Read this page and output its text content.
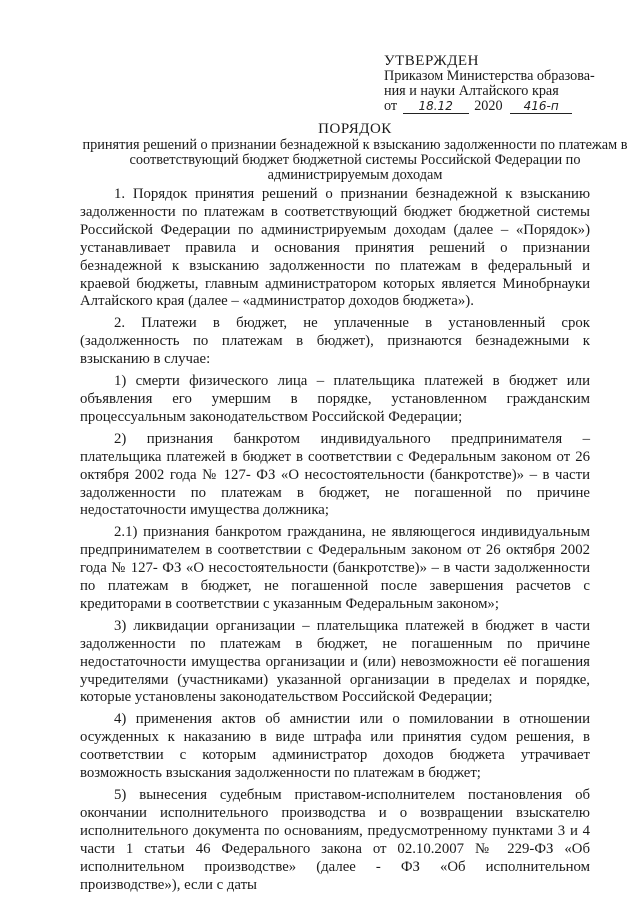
УТВЕРЖДЕН
Приказом Министерства образова-
ния и науки Алтайского края
от 18.12 2020 416-п
ПОРЯДОК
принятия решений о признании безнадежной к взысканию задолженности по платежам в соответствующий бюджет бюджетной системы Российской Федерации по администрируемым доходам

1. Порядок принятия решений о признании безнадежной к взысканию задолженности по платежам в соответствующий бюджет бюджетной системы Российской Федерации по администрируемым доходам (далее – «Порядок») устанавливает правила и основания принятия решений о признании безнадежной к взысканию задолженности по платежам в федеральный и краевой бюджеты, главным администратором которых является Минобрнауки Алтайского края (далее – «администратор доходов бюджета»).

2. Платежи в бюджет, не уплаченные в установленный срок (задолженность по платежам в бюджет), признаются безнадежными к взысканию в случае:

1) смерти физического лица – плательщика платежей в бюджет или объявления его умершим в порядке, установленном гражданским процессуальным законодательством Российской Федерации;

2) признания банкротом индивидуального предпринимателя – плательщика платежей в бюджет в соответствии с Федеральным законом от 26 октября 2002 года № 127- ФЗ «О несостоятельности (банкротстве)» – в части задолженности по платежам в бюджет, не погашенной по причине недостаточности имущества должника;

2.1) признания банкротом гражданина, не являющегося индивидуальным предпринимателем в соответствии с Федеральным законом от 26 октября 2002 года № 127- ФЗ «О несостоятельности (банкротстве)» – в части задолженности по платежам в бюджет, не погашенной после завершения расчетов с кредиторами в соответствии с указанным Федеральным законом»;

3) ликвидации организации – плательщика платежей в бюджет в части задолженности по платежам в бюджет, не погашенным по причине недостаточности имущества организации и (или) невозможности её погашения учредителями (участниками) указанной организации в пределах и порядке, которые установлены законодательством Российской Федерации;

4) применения актов об амнистии или о помиловании в отношении осужденных к наказанию в виде штрафа или принятия судом решения, в соответствии с которым администратор доходов бюджета утрачивает возможность взыскания задолженности по платежам в бюджет;

5) вынесения судебным приставом-исполнителем постановления об окончании исполнительного производства и о возвращении взыскателю исполнительного документа по основаниям, предусмотренному пунктами 3 и 4 части 1 статьи 46 Федерального закона от 02.10.2007 № 229-ФЗ «Об исполнительном производстве» (далее - ФЗ «Об исполнительном производстве»), если с даты
